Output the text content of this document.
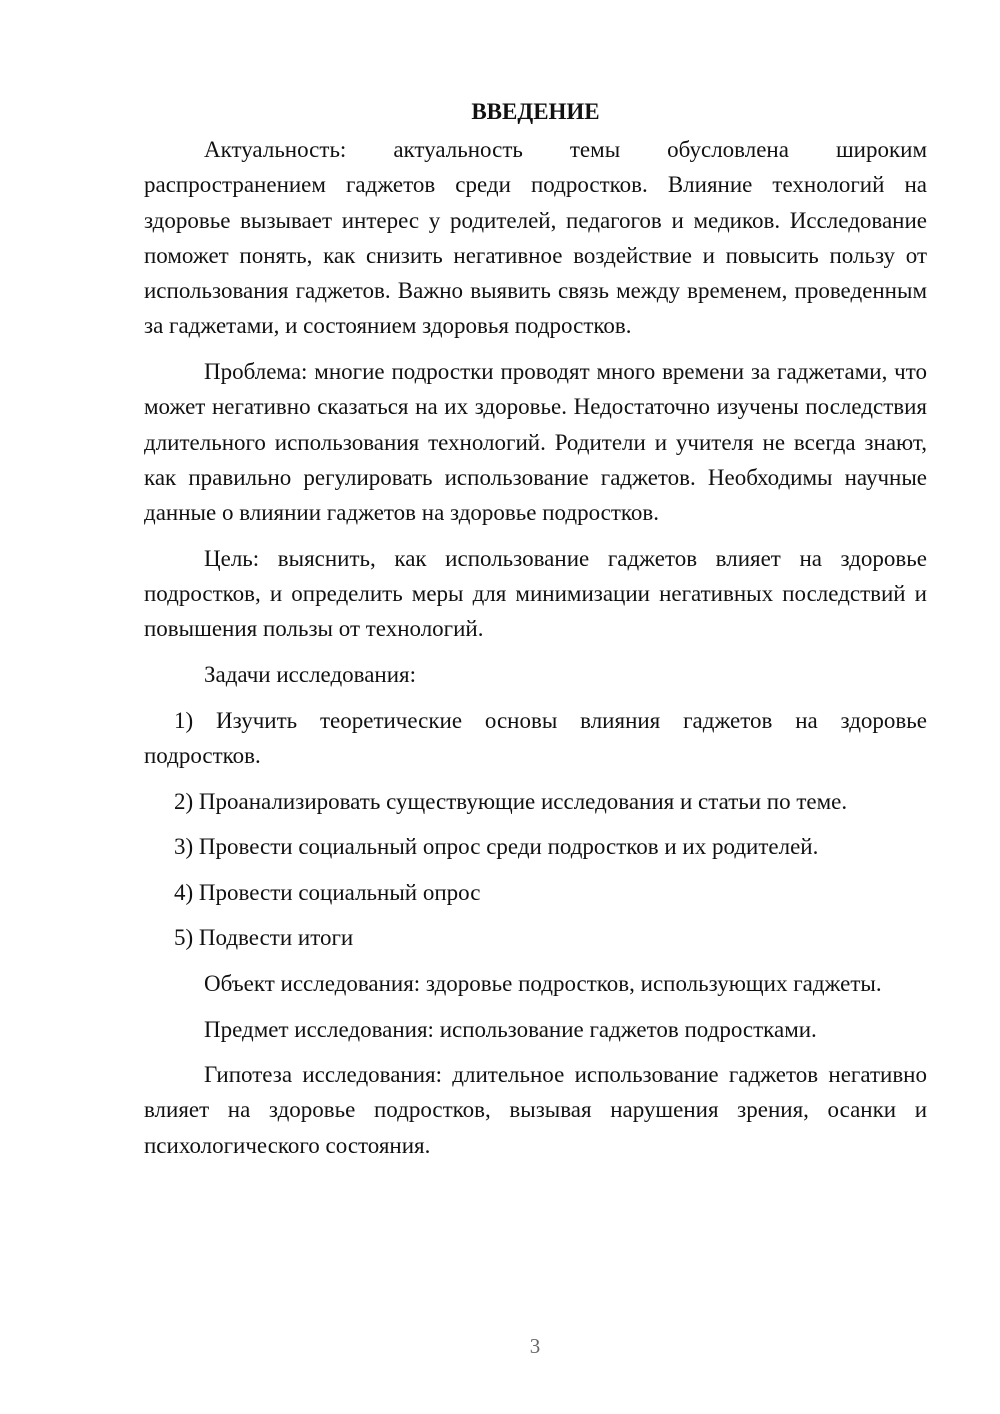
ВВЕДЕНИЕ

Актуальность: актуальность темы обусловлена широким распространением гаджетов среди подростков. Влияние технологий на здоровье вызывает интерес у родителей, педагогов и медиков. Исследование поможет понять, как снизить негативное воздействие и повысить пользу от использования гаджетов. Важно выявить связь между временем, проведенным за гаджетами, и состоянием здоровья подростков.

Проблема: многие подростки проводят много времени за гаджетами, что может негативно сказаться на их здоровье. Недостаточно изучены последствия длительного использования технологий. Родители и учителя не всегда знают, как правильно регулировать использование гаджетов. Необходимы научные данные о влиянии гаджетов на здоровье подростков.

Цель: выяснить, как использование гаджетов влияет на здоровье подростков, и определить меры для минимизации негативных последствий и повышения пользы от технологий.

Задачи исследования:

1) Изучить теоретические основы влияния гаджетов на здоровье подростков.

2) Проанализировать существующие исследования и статьи по теме.

3) Провести социальный опрос среди подростков и их родителей.

4) Провести социальный опрос

5) Подвести итоги

Объект исследования: здоровье подростков, использующих гаджеты.

Предмет исследования: использование гаджетов подростками.

Гипотеза исследования: длительное использование гаджетов негативно влияет на здоровье подростков, вызывая нарушения зрения, осанки и психологического состояния.

3
